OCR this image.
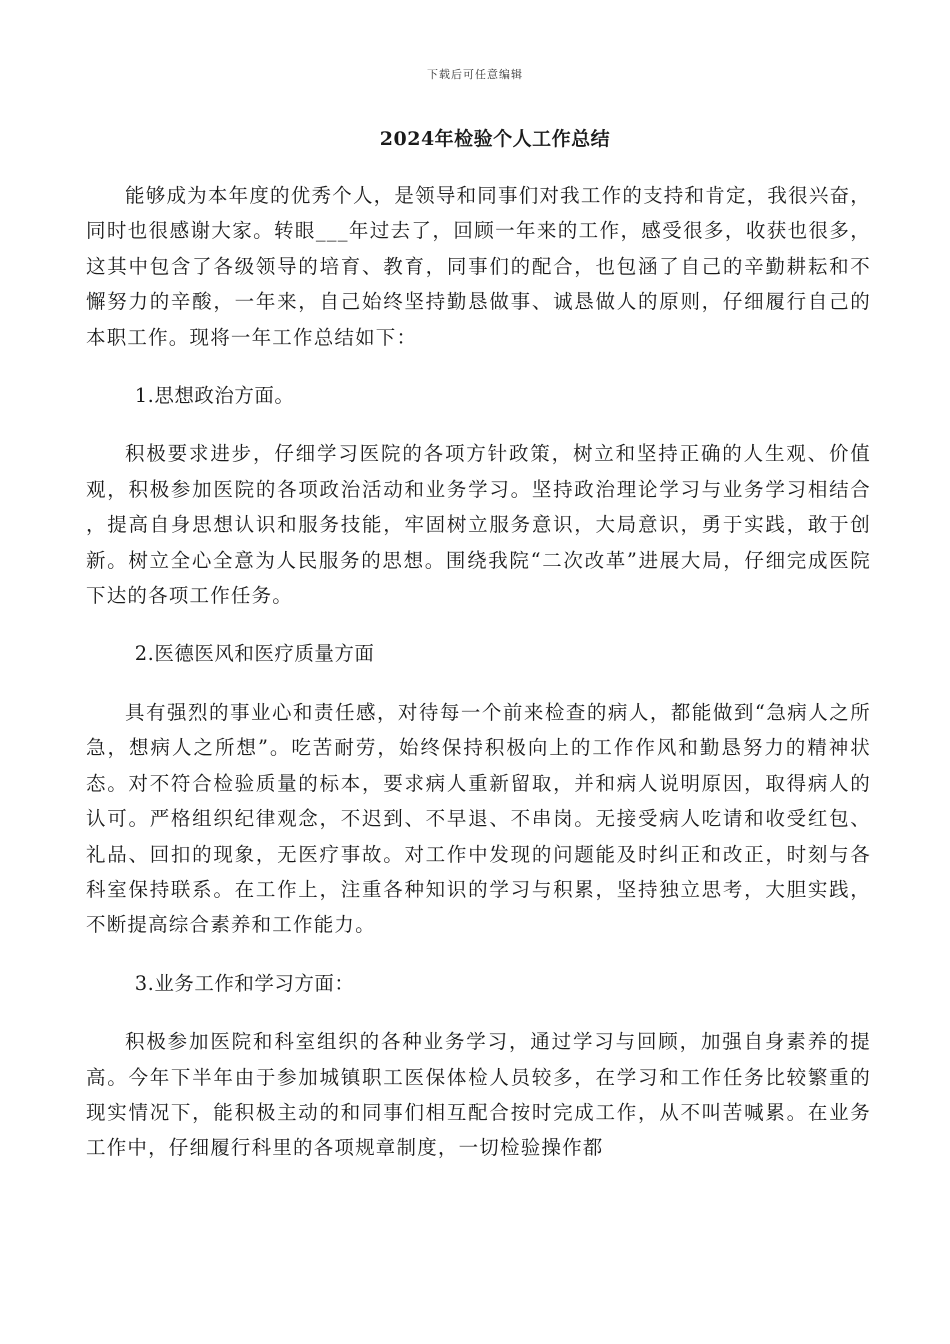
下载后可任意编辑
2024年检验个人工作总结

能够成为本年度的优秀个人，是领导和同事们对我工作的支持和肯定，我很兴奋，同时也很感谢大家。转眼___年过去了，回顾一年来的工作，感受很多，收获也很多，这其中包含了各级领导的培育、教育，同事们的配合，也包涵了自己的辛勤耕耘和不懈努力的辛酸，一年来，自己始终坚持勤恳做事、诚恳做人的原则，仔细履行自己的本职工作。现将一年工作总结如下：

1.思想政治方面。

积极要求进步，仔细学习医院的各项方针政策，树立和坚持正确的人生观、价值观，积极参加医院的各项政治活动和业务学习。坚持政治理论学习与业务学习相结合 ，提高自身思想认识和服务技能，牢固树立服务意识，大局意识，勇于实践，敢于创新。树立全心全意为人民服务的思想。围绕我院“二次改革”进展大局，仔细完成医院下达的各项工作任务。

2.医德医风和医疗质量方面

具有强烈的事业心和责任感，对待每一个前来检查的病人，都能做到“急病人之所急，想病人之所想”。吃苦耐劳，始终保持积极向上的工作作风和勤恳努力的精神状态。对不符合检验质量的标本，要求病人重新留取，并和病人说明原因，取得病人的认可。严格组织纪律观念，不迟到、不早退、不串岗。无接受病人吃请和收受红包、礼品、回扣的现象，无医疗事故。对工作中发现的问题能及时纠正和改正，时刻与各科室保持联系。在工作上，注重各种知识的学习与积累，坚持独立思考，大胆实践，不断提高综合素养和工作能力。

3.业务工作和学习方面：

积极参加医院和科室组织的各种业务学习，通过学习与回顾，加强自身素养的提高。今年下半年由于参加城镇职工医保体检人员较多，在学习和工作任务比较繁重的现实情况下，能积极主动的和同事们相互配合按时完成工作，从不叫苦喊累。在业务工作中，仔细履行科里的各项规章制度，一切检验操作都
